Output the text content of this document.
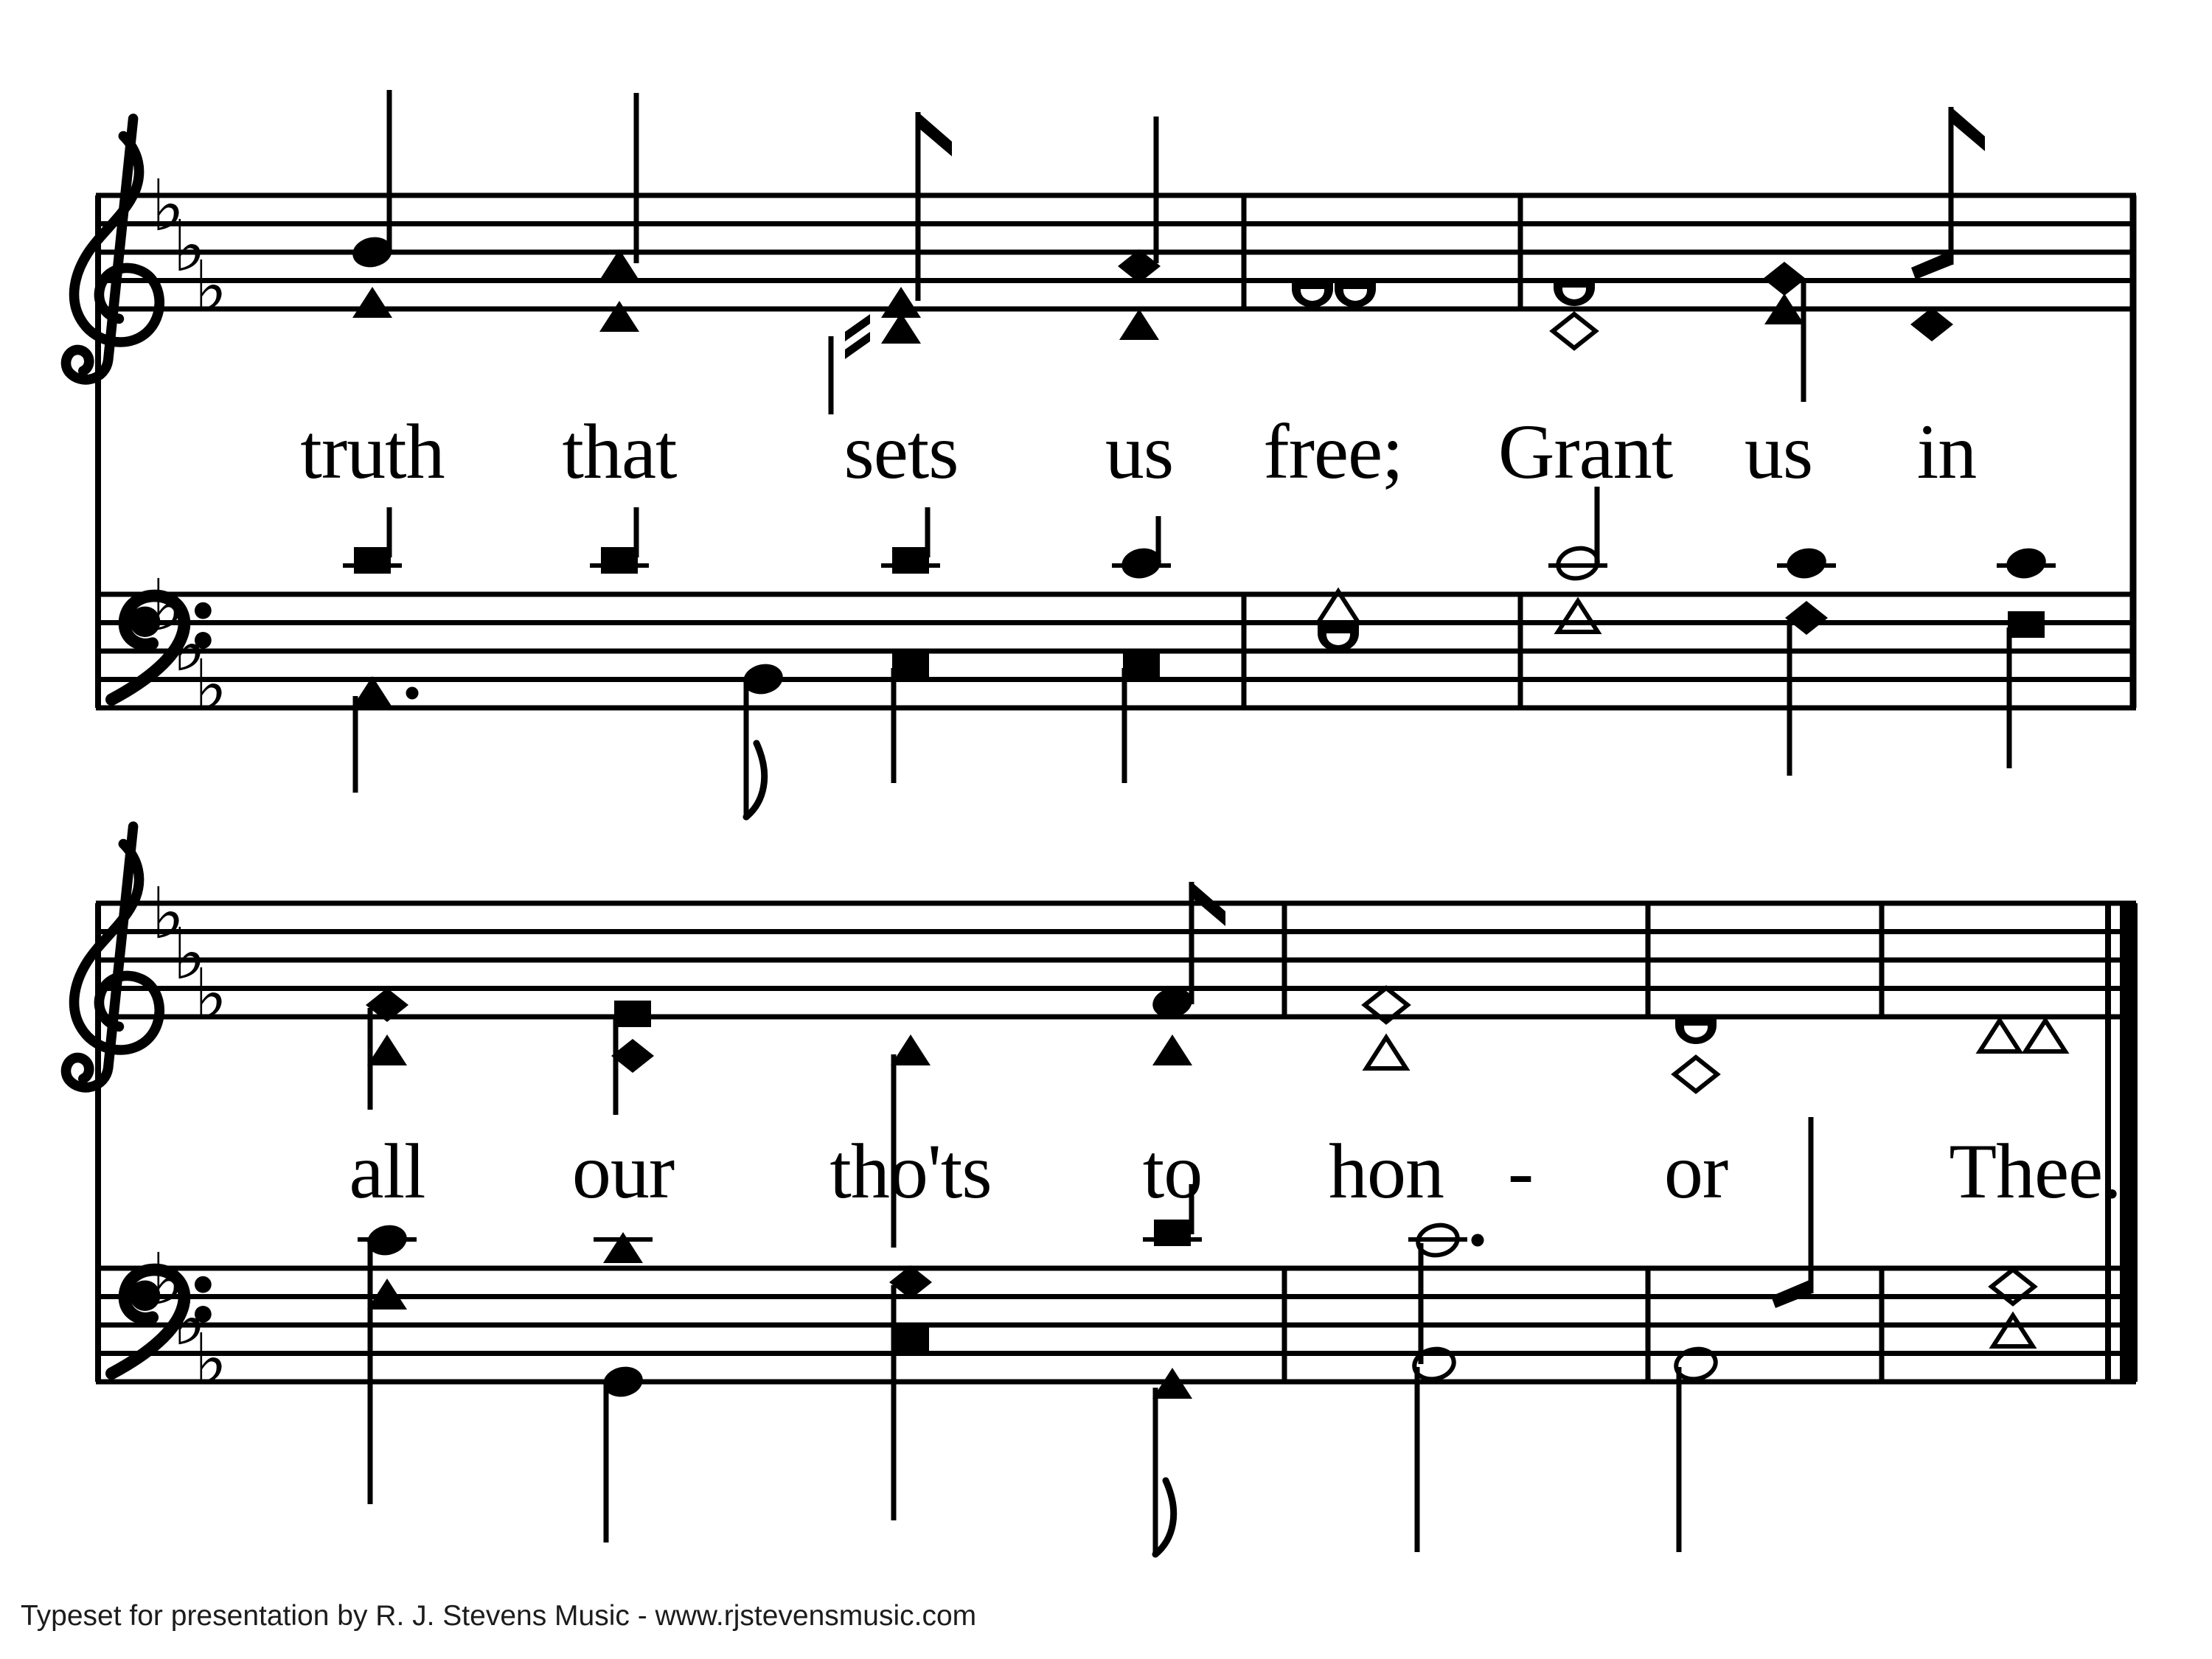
♭
♭
♭
♭
♭
♭
♭
♭
♭
♭
♭
♭
truth that sets us free; Grant us in
all our tho'ts to hon - or	Thee.
Typeset for presentation by R. J. Stevens Music - www.rjstevensmusic.com
